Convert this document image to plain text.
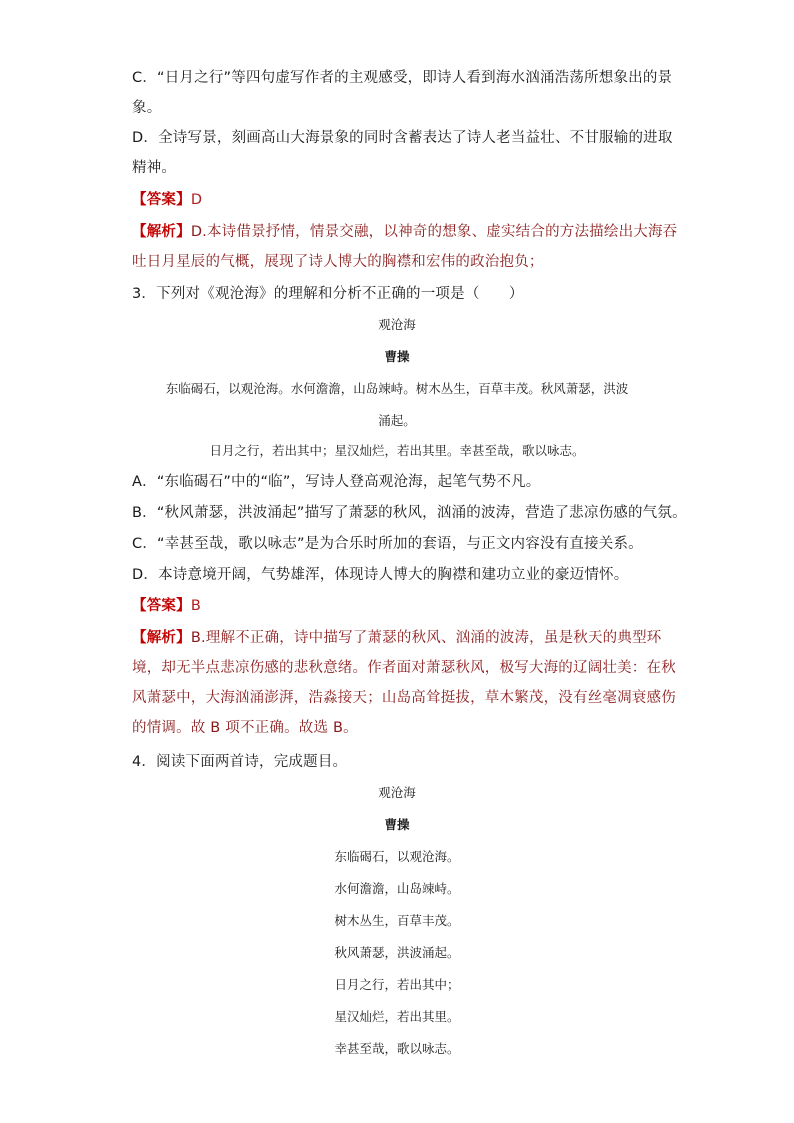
C．“日月之行”等四句虚写作者的主观感受，即诗人看到海水汹涌浩荡所想象出的景
象。
D．全诗写景，刻画高山大海景象的同时含蓄表达了诗人老当益壮、不甘服输的进取
精神。
【答案】D
【解析】D.本诗借景抒情，情景交融，以神奇的想象、虚实结合的方法描绘出大海吞
吐日月星辰的气概，展现了诗人博大的胸襟和宏伟的政治抱负；
3．下列对《观沧海》的理解和分析不正确的一项是（　　）
观沧海
曹操
东临碣石，以观沧海。水何澹澹，山岛竦峙。树木丛生，百草丰茂。秋风萧瑟，洪波
涌起。
日月之行，若出其中；星汉灿烂，若出其里。幸甚至哉，歌以咏志。
A．“东临碣石”中的“临”，写诗人登高观沧海，起笔气势不凡。
B．“秋风萧瑟，洪波涌起”描写了萧瑟的秋风，汹涌的波涛，营造了悲凉伤感的气氛。
C．“幸甚至哉，歌以咏志”是为合乐时所加的套语，与正文内容没有直接关系。
D．本诗意境开阔，气势雄浑，体现诗人博大的胸襟和建功立业的豪迈情怀。
【答案】B
【解析】B.理解不正确，诗中描写了萧瑟的秋风、汹涌的波涛，虽是秋天的典型环
境，却无半点悲凉伤感的悲秋意绪。作者面对萧瑟秋风，极写大海的辽阔壮美：在秋
风萧瑟中，大海汹涌澎湃，浩淼接天；山岛高耸挺拔，草木繁茂，没有丝毫凋衰感伤
的情调。故 B 项不正确。故选 B。
4．阅读下面两首诗，完成题目。
观沧海
曹操
东临碣石，以观沧海。
水何澹澹，山岛竦峙。
树木丛生，百草丰茂。
秋风萧瑟，洪波涌起。
日月之行，若出其中；
星汉灿烂，若出其里。
幸甚至哉，歌以咏志。
